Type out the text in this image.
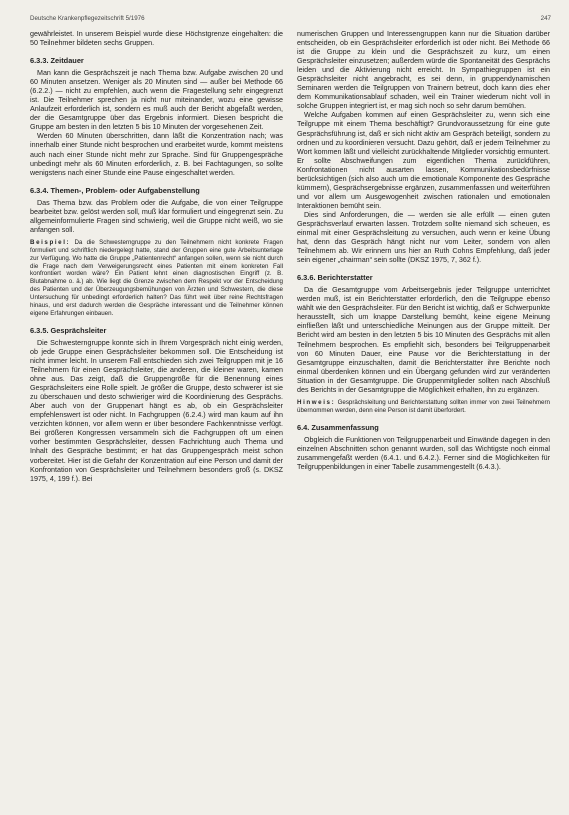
Deutsche Krankenpflegezeitschrift 5/1976	247

gewährleistet. In unserem Beispiel wurde diese Höchstgrenze eingehalten: die 50 Teilnehmer bildeten sechs Gruppen.

6.3.3. Zeitdauer

Man kann die Gesprächszeit je nach Thema bzw. Aufgabe zwischen 20 und 60 Minuten ansetzen. Weniger als 20 Minuten sind — außer bei Methode 66 (6.2.2.) — nicht zu empfehlen, auch wenn die Fragestellung sehr eingegrenzt ist. Die Teilnehmer sprechen ja nicht nur miteinander, wozu eine gewisse Anlaufzeit erforderlich ist, sondern es muß auch der Bericht abgefaßt werden, der die Gesamtgruppe über das Ergebnis informiert. Diesen bespricht die Gruppe am besten in den letzten 5 bis 10 Minuten der vorgesehenen Zeit.

Werden 60 Minuten überschritten, dann läßt die Konzentration nach; was innerhalb einer Stunde nicht besprochen und erarbeitet wurde, kommt meistens auch nach einer Stunde nicht mehr zur Sprache. Sind für Gruppengespräche unbedingt mehr als 60 Minuten erforderlich, z. B. bei Fachtagungen, so sollte wenigstens nach einer Stunde eine Pause eingeschaltet werden.

6.3.4. Themen-, Problem- oder Aufgabenstellung

Das Thema bzw. das Problem oder die Aufgabe, die von einer Teilgruppe bearbeitet bzw. gelöst werden soll, muß klar formuliert und eingegrenzt sein. Zu allgemeinformulierte Fragen sind schwierig, weil die Gruppe nicht weiß, wo sie anfangen soll.

Beispiel: Da die Schwesterngruppe zu den Teilnehmern nicht konkrete Fragen formuliert und schriftlich niedergelegt hatte, stand der Gruppen eine gute Arbeitsunterlage zur Verfügung. Wo hatte die Gruppe „Patientenrecht“ anfangen sollen, wenn sie nicht durch die Frage nach dem Verweigerungsrecht eines Patienten mit einem konkreten Fall konfrontiert worden wäre? Ein Patient lehnt einen diagnostischen Eingriff (z. B. Blutabnahme o. ä.) ab. Wie liegt die Grenze zwischen dem Respekt vor der Entscheidung des Patienten und der Überzeugungsbemühungen von Ärzten und Schwestern, die diese Untersuchung für unbedingt erforderlich halten? Das führt weit über reine Rechtsfragen hinaus, und erst dadurch werden die Gespräche interessant und die Teilnehmer können eigene Erfahrungen einbauen.

6.3.5. Gesprächsleiter

Die Schwesterngruppe konnte sich in Ihrem Vorgespräch nicht einig werden, ob jede Gruppe einen Gesprächsleiter bekommen soll. Die Entscheidung ist nicht immer leicht. In unserem Fall entschieden sich zwei Teilgruppen mit je 16 Teilnehmern für einen Gesprächsleiter, die anderen, die kleiner waren, kamen ohne aus. Das zeigt, daß die Gruppengröße für die Benennung eines Gesprächsleiters eine Rolle spielt. Je größer die Gruppe, desto schwerer ist sie zu überschauen und desto schwieriger wird die Koordinierung des Gesprächs. Aber auch von der Gruppenart hängt es ab, ob ein Gesprächsleiter empfehlenswert ist oder nicht. In Fachgruppen (6.2.4.) wird man kaum auf ihn verzichten können, vor allem wenn er über besondere Fachkenntnisse verfügt. Bei größeren Kongressen versammeln sich die Fachgruppen oft um einen vorher bestimmten Gesprächsleiter, dessen Fachrichtung auch Thema und Inhalt des Gespräche bestimmt; er hat das Gruppengespräch meist schon vorbereitet. Hier ist die Gefahr der Konzentration auf eine Person und damit der Konfrontation von Gesprächsleiter und Teilnehmern besonders groß (s. DKSZ 1975, 4, 199 f.). Bei

numerischen Gruppen und Interessengruppen kann nur die Situation darüber entscheiden, ob ein Gesprächsleiter erforderlich ist oder nicht. Bei Methode 66 ist die Gruppe zu klein und die Gesprächszeit zu kurz, um einen Gesprächsleiter einzusetzen; außerdem würde die Spontaneität des Gesprächs leiden und die Aktivierung nicht erreicht. In Sympathiegruppen ist ein Gesprächsleiter nicht angebracht, es sei denn, in gruppendynamischen Seminaren werden die Teilgruppen von Trainern betreut, doch kann dies eher dem Kommunikationsablauf schaden, weil ein Trainer wiederum nicht voll in solche Gruppen integriert ist, er mag sich noch so sehr darum bemühen.

Welche Aufgaben kommen auf einen Gesprächsleiter zu, wenn sich eine Teilgruppe mit einem Thema beschäftigt? Grundvoraussetzung für eine gute Gesprächsführung ist, daß er sich nicht aktiv am Gespräch beteiligt, sondern zu ordnen und zu koordinieren versucht. Dazu gehört, daß er jedem Teilnehmer zu Wort kommen läßt und vielleicht zurückhaltende Mitglieder vorsichtig ermuntert. Er sollte Abschweifungen zum eigentlichen Thema zurückführen, Konfrontationen nicht ausarten lassen, Kommunikationsbedürfnisse berücksichtigen (sich also auch um die emotionale Komponente des Gespräche kümmern), Gesprächsergebnisse ergänzen, zusammenfassen und weiterführen und vor allem um Ausgewogenheit zwischen rationalen und emotionalen Interaktionen bemüht sein.

Dies sind Anforderungen, die — werden sie alle erfüllt — einen guten Gesprächsverlauf erwarten lassen. Trotzdem sollte niemand sich scheuen, es einmal mit einer Gesprächsleitung zu versuchen, auch wenn er keine Übung hat, denn das Gespräch hängt nicht nur vom Leiter, sondern von allen Teilnehmern ab. Wir erinnern uns hier an Ruth Cohns Empfehlung, daß jeder sein eigener „chairman“ sein sollte (DKSZ 1975, 7, 362 f.).

6.3.6. Berichterstatter

Da die Gesamtgruppe vom Arbeitsergebnis jeder Teilgruppe unterrichtet werden muß, ist ein Berichterstatter erforderlich, den die Teilgruppe ebenso wählt wie den Gesprächsleiter. Für den Bericht ist wichtig, daß er Schwerpunkte herausstellt, sich um knappe Darstellung bemüht, keine eigene Meinung einfließen läßt und unterschiedliche Meinungen aus der Gruppe mitteilt. Der Bericht wird am besten in den letzten 5 bis 10 Minuten des Gesprächs mit allen Teilnehmern besprochen. Es empfiehlt sich, besonders bei Teilgruppenarbeit von 60 Minuten Dauer, eine Pause vor die Berichterstattung in der Gesamtgruppe einzuschalten, damit die Berichterstatter ihre Berichte noch einmal überdenken können und ein Übergang gefunden wird zur veränderten Situation in der Gesamtgruppe. Die Gruppenmitglieder sollten nach Abschluß des Berichts in der Gesamtgruppe die Möglichkeit erhalten, ihn zu ergänzen.

Hinweis: Gesprächsleitung und Berichterstattung sollten immer von zwei Teilnehmern übernommen werden, denn eine Person ist damit überfordert.

6.4. Zusammenfassung

Obgleich die Funktionen von Teilgruppenarbeit und Einwände dagegen in den einzelnen Abschnitten schon genannt wurden, soll das Wichtigste noch einmal zusammengefaßt werden (6.4.1. und 6.4.2.). Ferner sind die Möglichkeiten für Teilgruppenbildungen in einer Tabelle zusammengestellt (6.4.3.).
